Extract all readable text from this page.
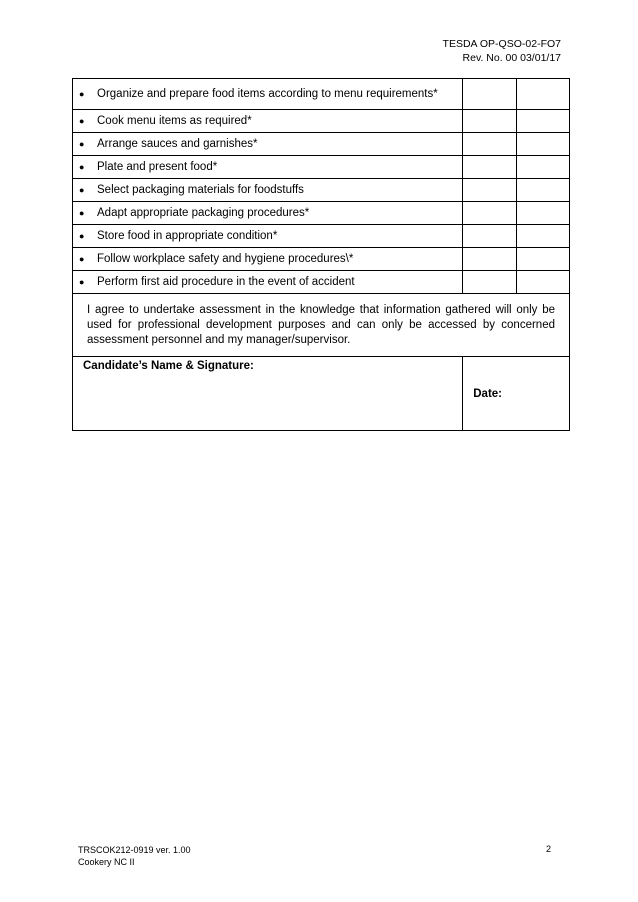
TESDA OP-QSO-02-FO7
Rev. No. 00 03/01/17
● Organize and prepare food items according to menu requirements*		
● Cook menu items as required*		
● Arrange sauces and garnishes*		
● Plate and present food*		
● Select packaging materials for foodstuffs		
● Adapt appropriate packaging procedures*		
● Store food in appropriate condition*		
● Follow workplace safety and hygiene procedures\*		
● Perform first aid procedure in the event of accident		
I agree to undertake assessment in the knowledge that information gathered will only be used for professional development purposes and can only be accessed by concerned assessment personnel and my manager/supervisor.		
Candidate’s Name & Signature:	Date:	
TRSCOK212-0919 ver. 1.00
Cookery NC II
2
